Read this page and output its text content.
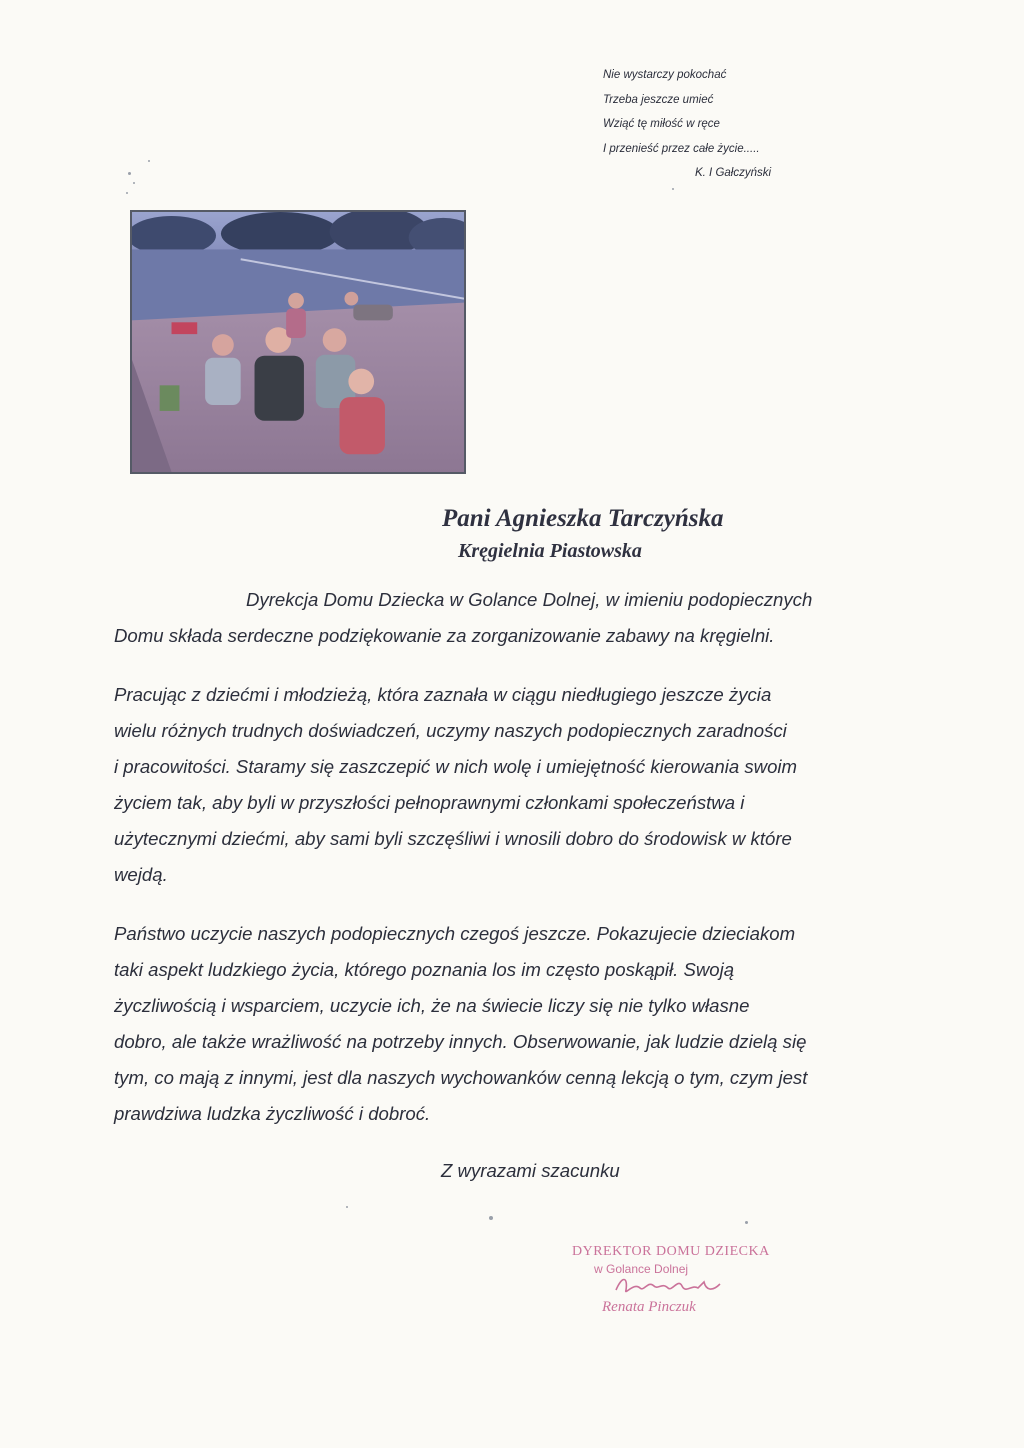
Nie wystarczy pokochać
Trzeba jeszcze umieć
Wziąć tę miłość w ręce
I przenieść przez całe życie.....
K. I Gałczyński
Pani Agnieszka Tarczyńska
Kręgielnia Piastowska
Dyrekcja Domu Dziecka w Golance Dolnej, w imieniu podopiecznych
Domu składa serdeczne podziękowanie za zorganizowanie zabawy na kręgielni.
Pracując z dziećmi i młodzieżą, która zaznała w ciągu niedługiego jeszcze życia
wielu różnych trudnych doświadczeń, uczymy naszych podopiecznych zaradności
i pracowitości. Staramy się zaszczepić w nich wolę i umiejętność kierowania swoim
życiem tak, aby byli w przyszłości pełnoprawnymi członkami społeczeństwa i
użytecznymi dziećmi, aby sami byli szczęśliwi i wnosili dobro do środowisk w które
wejdą.
Państwo uczycie naszych podopiecznych czegoś jeszcze. Pokazujecie dzieciakom
taki aspekt ludzkiego życia, którego poznania los im często poskąpił. Swoją
życzliwością i wsparciem, uczycie ich, że na świecie liczy się nie tylko własne
dobro, ale także wrażliwość na potrzeby innych. Obserwowanie, jak ludzie dzielą się
tym, co mają z innymi, jest dla naszych wychowanków cenną lekcją o tym, czym jest
prawdziwa ludzka życzliwość i dobroć.
Z wyrazami szacunku
DYREKTOR DOMU DZIECKA
w Golance Dolnej
Renata Pinczuk
